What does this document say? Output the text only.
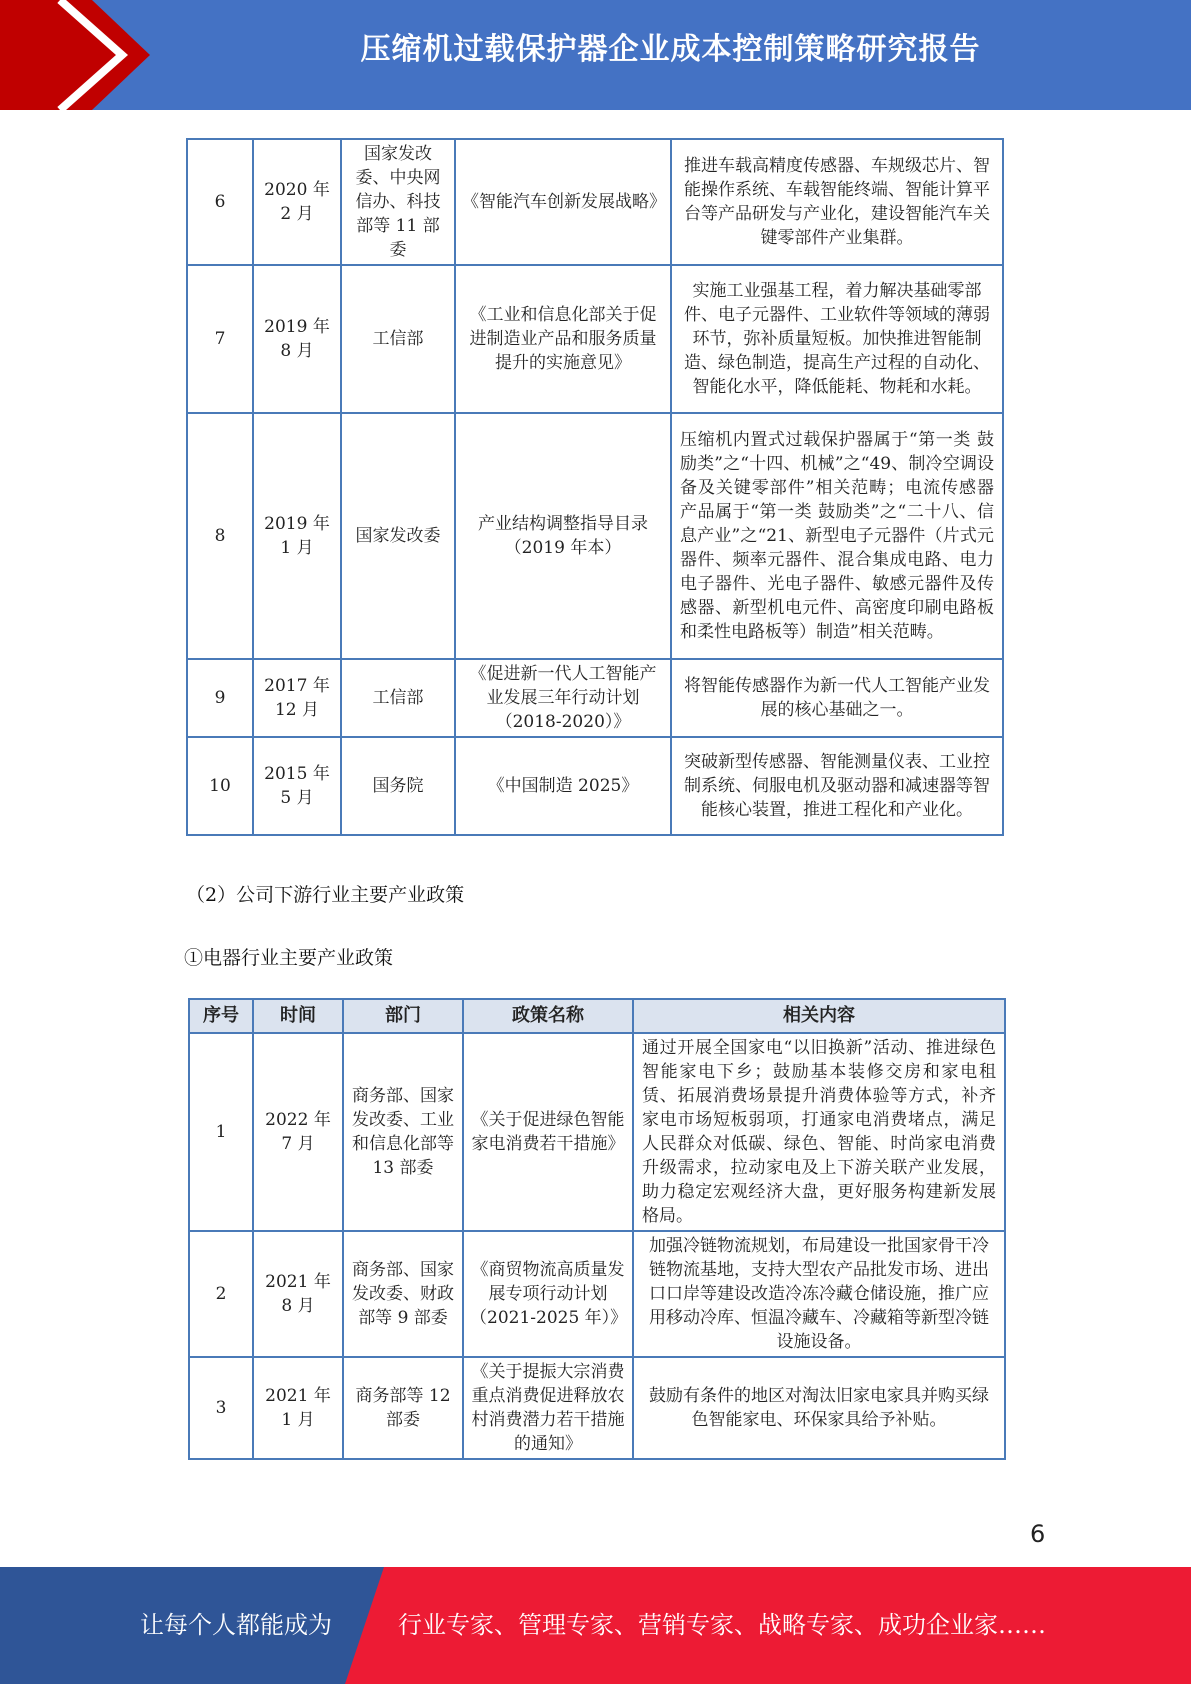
压缩机过载保护器企业成本控制策略研究报告
6	2020 年 2 月	国家发改委、中央网信办、科技部等 11 部委	《智能汽车创新发展战略》	推进车载高精度传感器、车规级芯片、智能操作系统、车载智能终端、智能计算平台等产品研发与产业化，建设智能汽车关键零部件产业集群。
7	2019 年 8 月	工信部	《工业和信息化部关于促进制造业产品和服务质量提升的实施意见》	实施工业强基工程，着力解决基础零部件、电子元器件、工业软件等领域的薄弱环节，弥补质量短板。加快推进智能制造、绿色制造，提高生产过程的自动化、智能化水平，降低能耗、物耗和水耗。
8	2019 年 1 月	国家发改委	产业结构调整指导目录（2019 年本）	压缩机内置式过载保护器属于“第一类 鼓励类”之“十四、机械”之“49、制冷空调设备及关键零部件”相关范畴；电流传感器产品属于“第一类 鼓励类”之“二十八、信息产业”之“21、新型电子元器件（片式元器件、频率元器件、混合集成电路、电力电子器件、光电子器件、敏感元器件及传感器、新型机电元件、高密度印刷电路板和柔性电路板等）制造”相关范畴。
9	2017 年 12 月	工信部	《促进新一代人工智能产业发展三年行动计划（2018-2020）》	将智能传感器作为新一代人工智能产业发展的核心基础之一。
10	2015 年 5 月	国务院	《中国制造 2025》	突破新型传感器、智能测量仪表、工业控制系统、伺服电机及驱动器和减速器等智能核心装置，推进工程化和产业化。
（2）公司下游行业主要产业政策
①电器行业主要产业政策
序号	时间	部门	政策名称	相关内容
1	2022 年 7 月	商务部、国家发改委、工业和信息化部等 13 部委	《关于促进绿色智能家电消费若干措施》	通过开展全国家电“以旧换新”活动、推进绿色智能家电下乡；鼓励基本装修交房和家电租赁、拓展消费场景提升消费体验等方式，补齐家电市场短板弱项，打通家电消费堵点，满足人民群众对低碳、绿色、智能、时尚家电消费升级需求，拉动家电及上下游关联产业发展，助力稳定宏观经济大盘，更好服务构建新发展格局。
2	2021 年 8 月	商务部、国家发改委、财政部等 9 部委	《商贸物流高质量发展专项行动计划（2021-2025 年）》	加强冷链物流规划，布局建设一批国家骨干冷链物流基地，支持大型农产品批发市场、进出口口岸等建设改造冷冻冷藏仓储设施，推广应用移动冷库、恒温冷藏车、冷藏箱等新型冷链设施设备。
3	2021 年 1 月	商务部等 12 部委	《关于提振大宗消费重点消费促进释放农村消费潜力若干措施的通知》	鼓励有条件的地区对淘汰旧家电家具并购买绿色智能家电、环保家具给予补贴。
6
让每个人都能成为	行业专家、管理专家、营销专家、战略专家、成功企业家……
